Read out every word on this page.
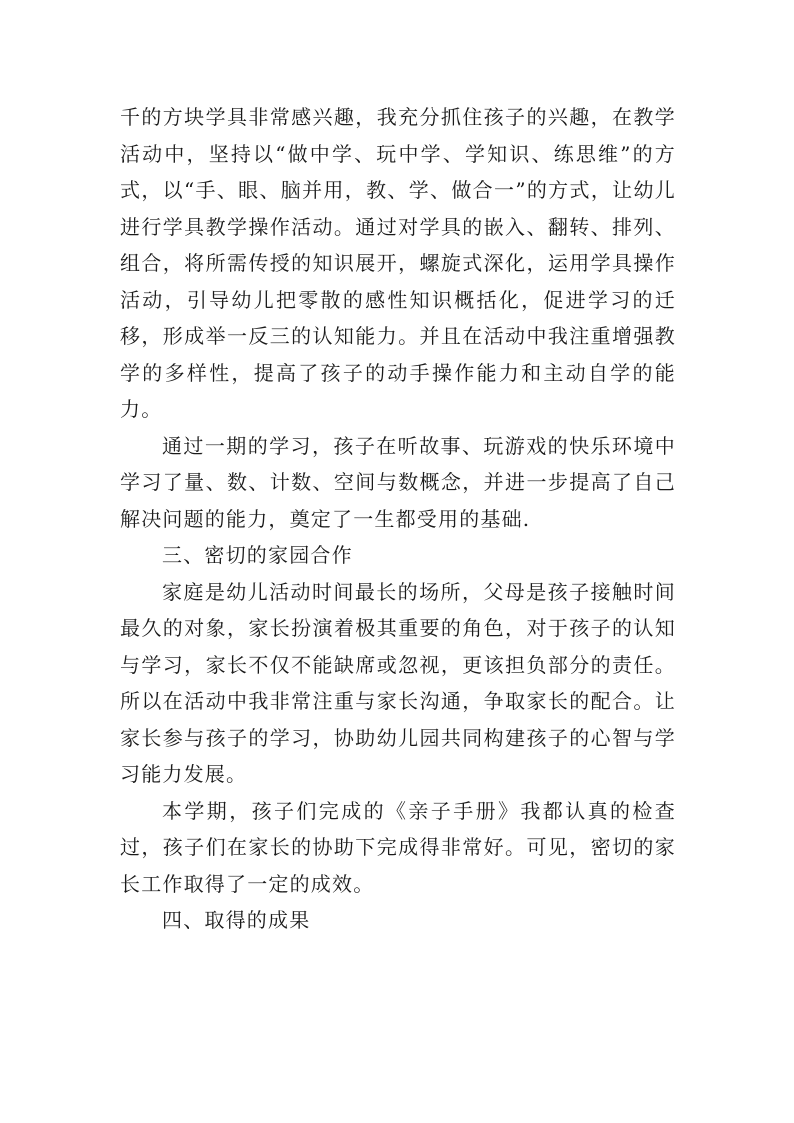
千的方块学具非常感兴趣，我充分抓住孩子的兴趣，在教学活动中，坚持以“做中学、玩中学、学知识、练思维”的方式，以“手、眼、脑并用，教、学、做合一”的方式，让幼儿进行学具教学操作活动。通过对学具的嵌入、翻转、排列、组合，将所需传授的知识展开，螺旋式深化，运用学具操作活动，引导幼儿把零散的感性知识概括化，促进学习的迁移，形成举一反三的认知能力。并且在活动中我注重增强教学的多样性，提高了孩子的动手操作能力和主动自学的能力。

通过一期的学习，孩子在听故事、玩游戏的快乐环境中学习了量、数、计数、空间与数概念，并进一步提高了自己解决问题的能力，奠定了一生都受用的基础.

三、密切的家园合作

家庭是幼儿活动时间最长的场所，父母是孩子接触时间最久的对象，家长扮演着极其重要的角色，对于孩子的认知与学习，家长不仅不能缺席或忽视，更该担负部分的责任。所以在活动中我非常注重与家长沟通，争取家长的配合。让家长参与孩子的学习，协助幼儿园共同构建孩子的心智与学习能力发展。

本学期，孩子们完成的《亲子手册》我都认真的检查过，孩子们在家长的协助下完成得非常好。可见，密切的家长工作取得了一定的成效。

四、取得的成果
